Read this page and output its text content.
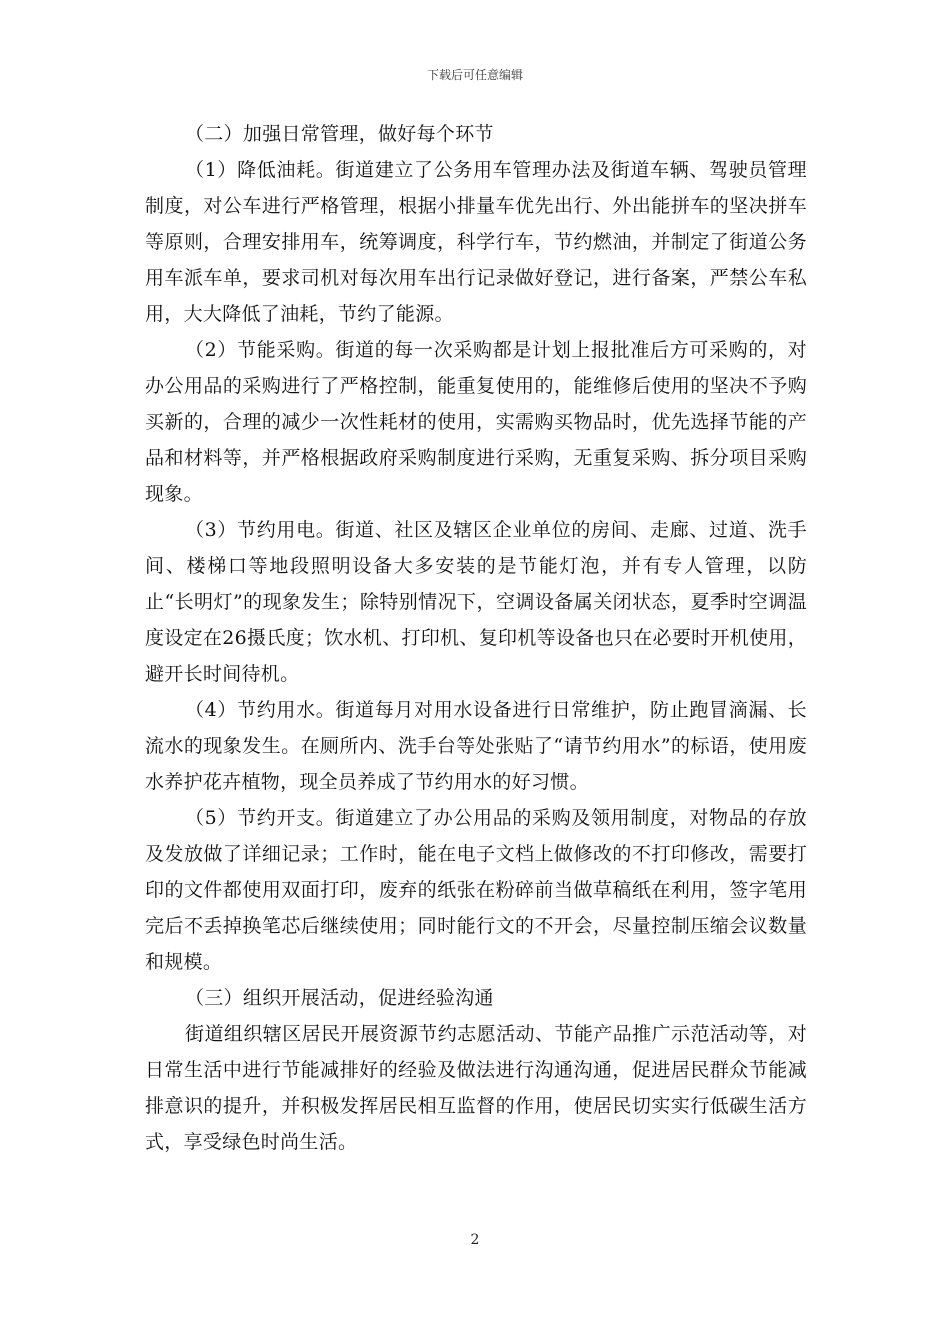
下载后可任意编辑

（二）加强日常管理，做好每个环节

（1）降低油耗。街道建立了公务用车管理办法及街道车辆、驾驶员管理制度，对公车进行严格管理，根据小排量车优先出行、外出能拼车的坚决拼车等原则，合理安排用车，统筹调度，科学行车，节约燃油，并制定了街道公务用车派车单，要求司机对每次用车出行记录做好登记，进行备案，严禁公车私用，大大降低了油耗，节约了能源。

（2）节能采购。街道的每一次采购都是计划上报批准后方可采购的，对办公用品的采购进行了严格控制，能重复使用的，能维修后使用的坚决不予购买新的，合理的减少一次性耗材的使用，实需购买物品时，优先选择节能的产品和材料等，并严格根据政府采购制度进行采购，无重复采购、拆分项目采购现象。

（3）节约用电。街道、社区及辖区企业单位的房间、走廊、过道、洗手间、楼梯口等地段照明设备大多安装的是节能灯泡，并有专人管理，以防止“长明灯”的现象发生；除特别情况下，空调设备属关闭状态，夏季时空调温度设定在26摄氏度；饮水机、打印机、复印机等设备也只在必要时开机使用，避开长时间待机。

（4）节约用水。街道每月对用水设备进行日常维护，防止跑冒滴漏、长流水的现象发生。在厕所内、洗手台等处张贴了“请节约用水”的标语，使用废水养护花卉植物，现全员养成了节约用水的好习惯。

（5）节约开支。街道建立了办公用品的采购及领用制度，对物品的存放及发放做了详细记录；工作时，能在电子文档上做修改的不打印修改，需要打印的文件都使用双面打印，废弃的纸张在粉碎前当做草稿纸在利用，签字笔用完后不丢掉换笔芯后继续使用；同时能行文的不开会，尽量控制压缩会议数量和规模。

（三）组织开展活动，促进经验沟通

街道组织辖区居民开展资源节约志愿活动、节能产品推广示范活动等，对日常生活中进行节能减排好的经验及做法进行沟通沟通，促进居民群众节能减排意识的提升，并积极发挥居民相互监督的作用，使居民切实实行低碳生活方式，享受绿色时尚生活。

2
